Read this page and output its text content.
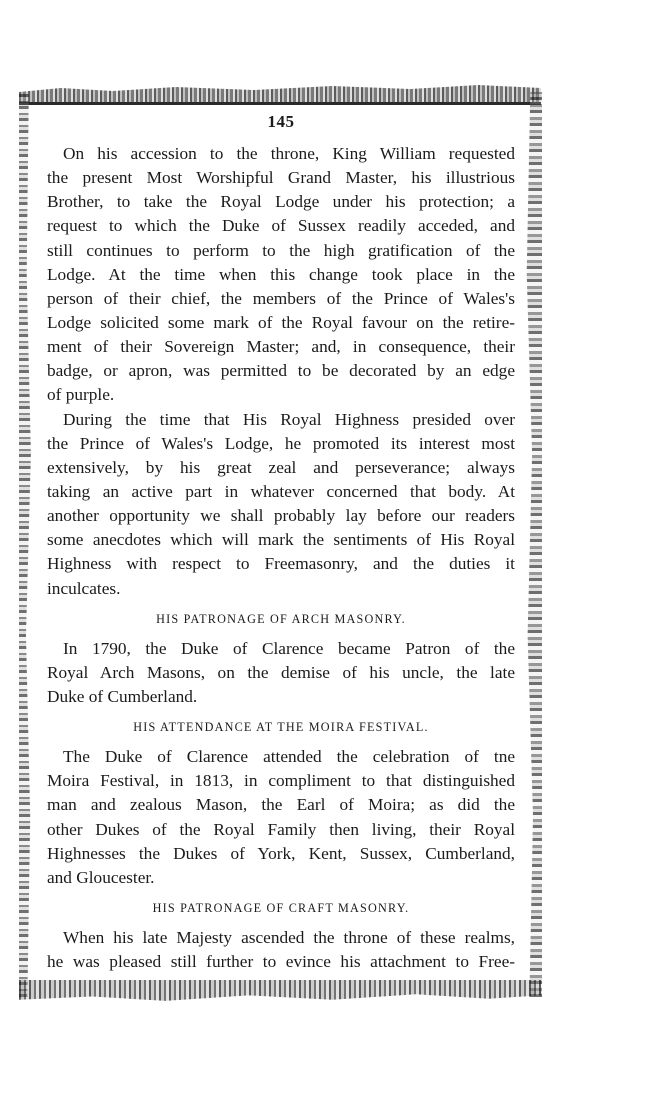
145
On his accession to the throne, King William requested
the present Most Worshipful Grand Master, his illustrious
Brother, to take the Royal Lodge under his protection; a
request to which the Duke of Sussex readily acceded, and
still continues to perform to the high gratification of the
Lodge. At the time when this change took place in the
person of their chief, the members of the Prince of Wales's
Lodge solicited some mark of the Royal favour on the retire-
ment of their Sovereign Master; and, in consequence, their
badge, or apron, was permitted to be decorated by an edge
of purple.
During the time that His Royal Highness presided over
the Prince of Wales's Lodge, he promoted its interest most
extensively, by his great zeal and perseverance; always
taking an active part in whatever concerned that body. At
another opportunity we shall probably lay before our readers
some anecdotes which will mark the sentiments of His Royal
Highness with respect to Freemasonry, and the duties it
inculcates.
HIS PATRONAGE OF ARCH MASONRY.
In 1790, the Duke of Clarence became Patron of the
Royal Arch Masons, on the demise of his uncle, the late
Duke of Cumberland.
HIS ATTENDANCE AT THE MOIRA FESTIVAL.
The Duke of Clarence attended the celebration of tne
Moira Festival, in 1813, in compliment to that distinguished
man and zealous Mason, the Earl of Moira; as did the
other Dukes of the Royal Family then living, their Royal
Highnesses the Dukes of York, Kent, Sussex, Cumberland,
and Gloucester.
HIS PATRONAGE OF CRAFT MASONRY.
When his late Majesty ascended the throne of these realms,
he was pleased still further to evince his attachment to Free-
